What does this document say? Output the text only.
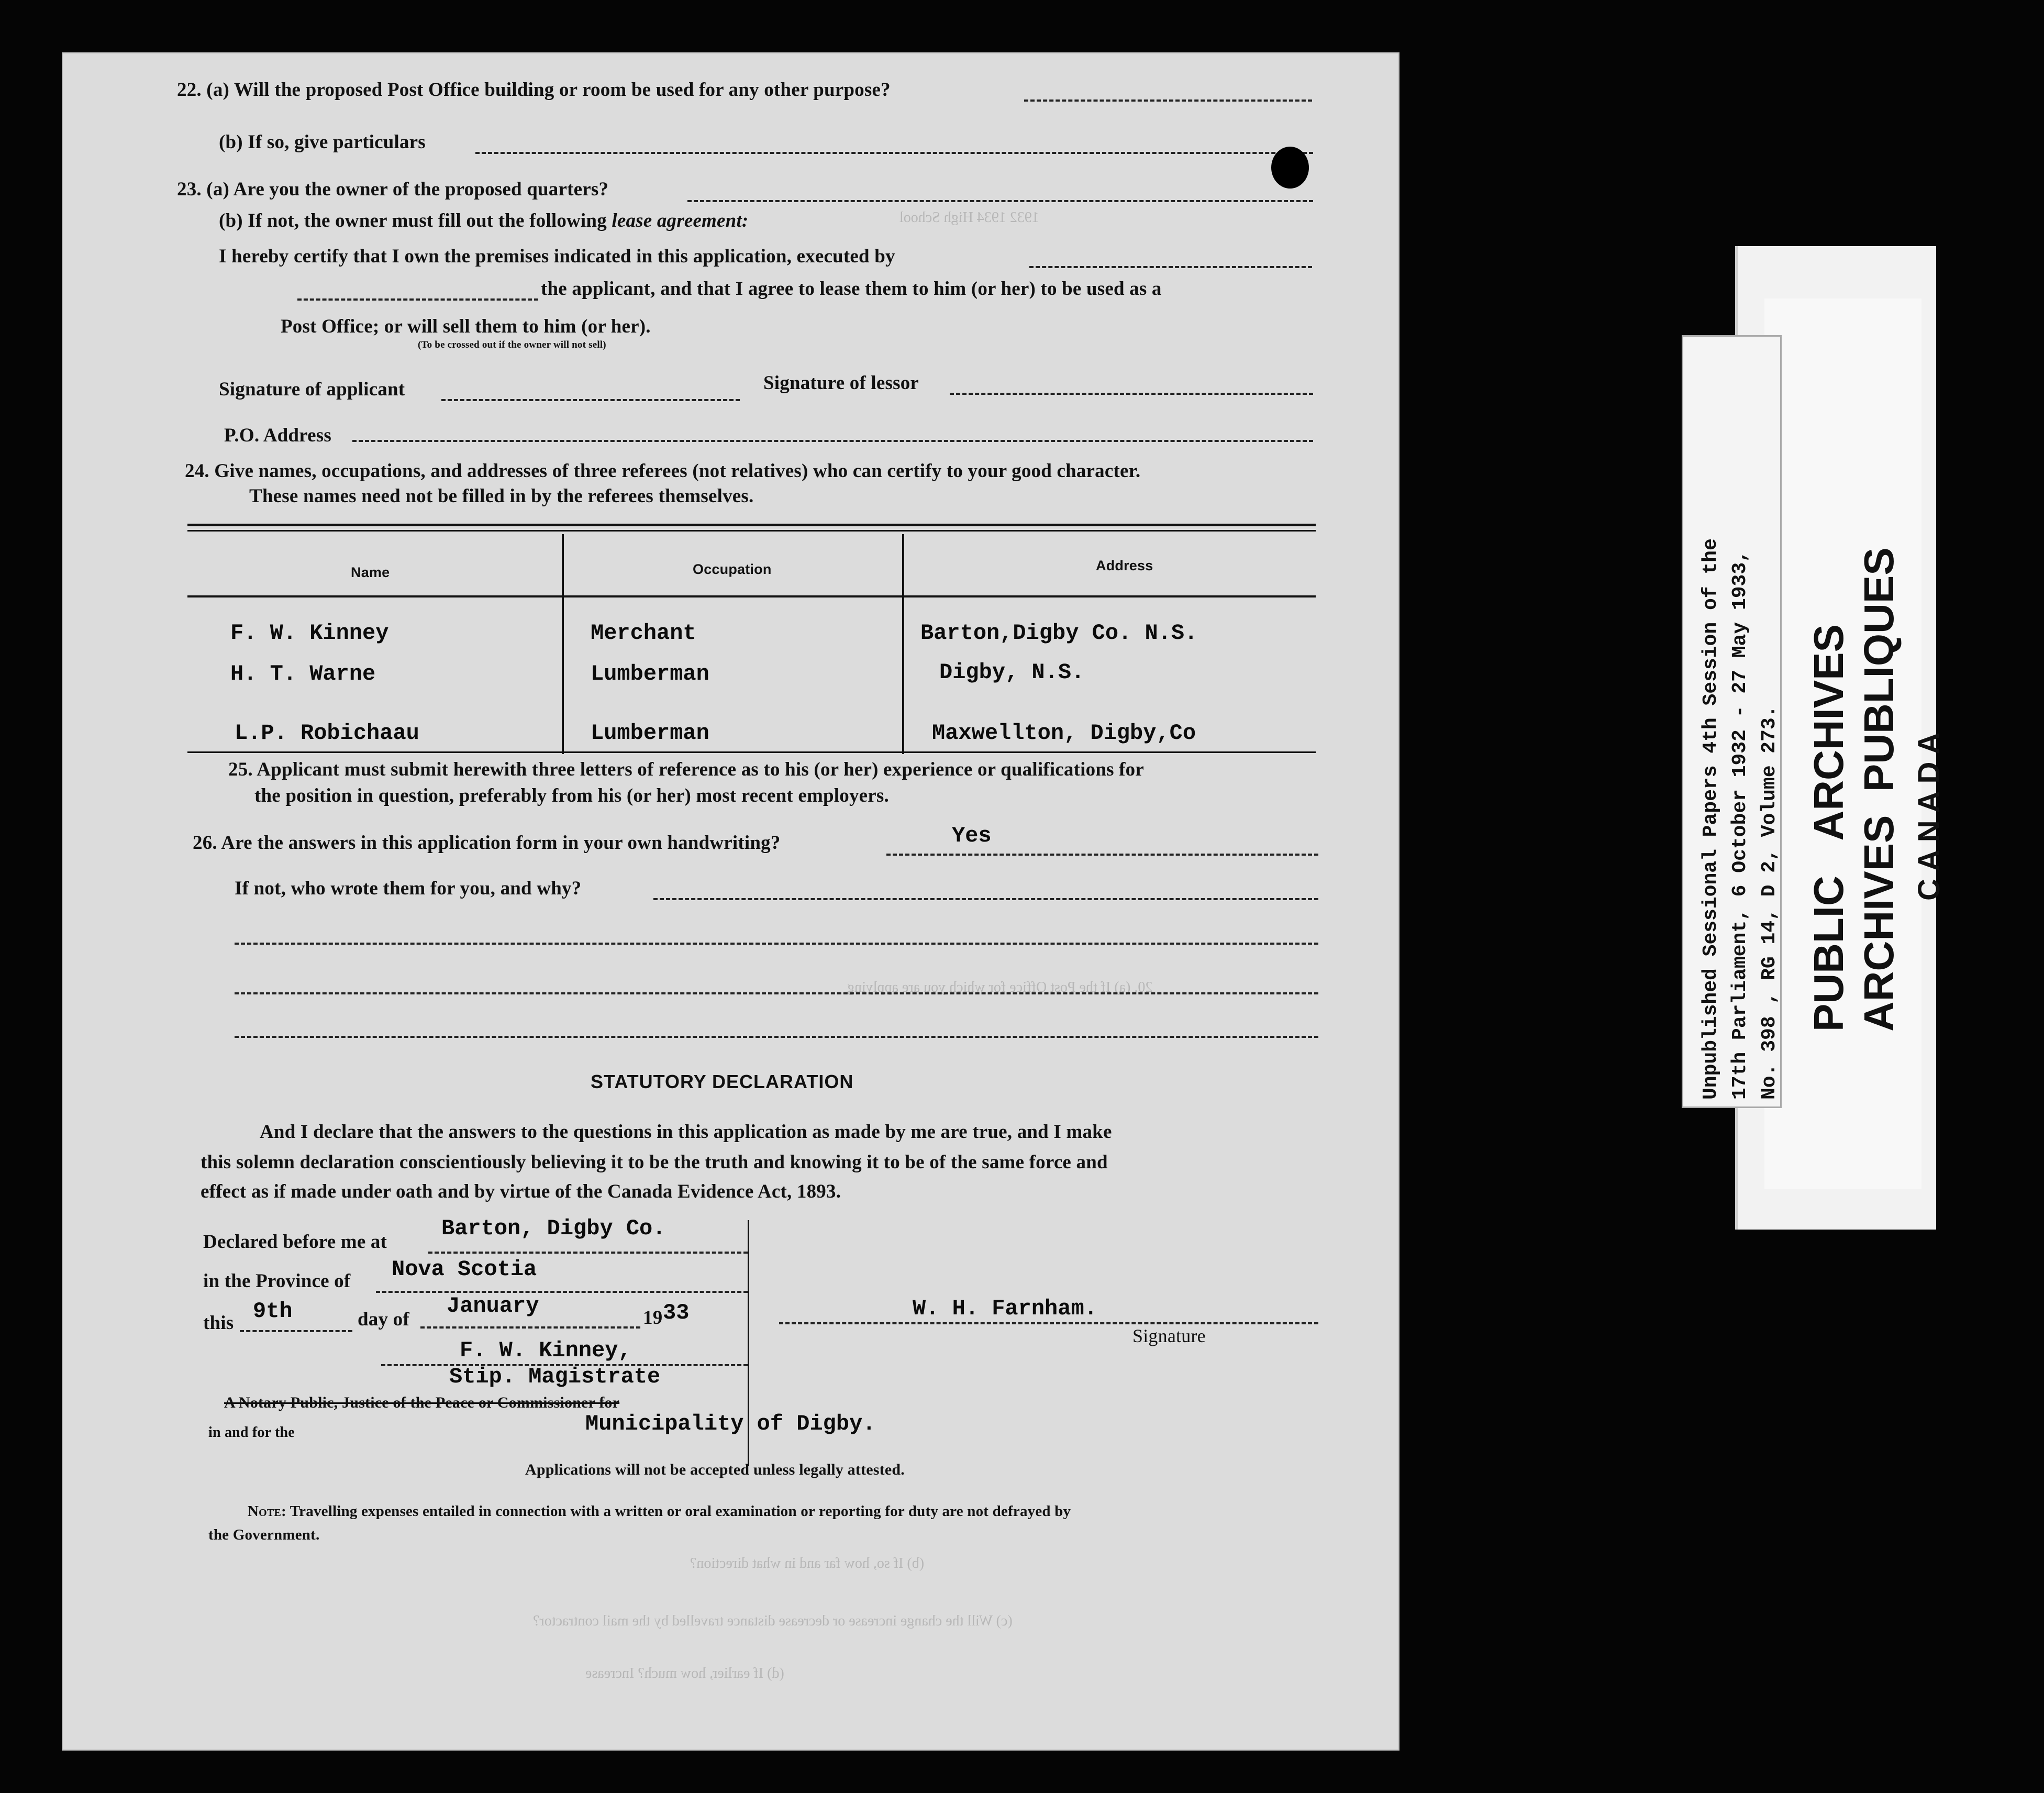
1932 1934 High School
20. (a) If the Post Office for which you are applying
22. (a) Will the proposed Post Office building or room be used for any other purpose?
(b) If so, give particulars
23. (a) Are you the owner of the proposed quarters?
(b) If not, the owner must fill out the following lease agreement:
I hereby certify that I own the premises indicated in this application, executed by
the applicant, and that I agree to lease them to him (or her) to be used as a
Post Office; or will sell them to him (or her).
(To be crossed out if the owner will not sell)
Signature of applicant	Signature of lessor
P.O. Address
24. Give names, occupations, and addresses of three referees (not relatives) who can certify to your good character.
These names need not be filled in by the referees themselves.
Name	Occupation	Address
F. W. Kinney	Merchant	Barton,Digby Co. N.S.
H. T. Warne	Lumberman	Digby, N.S.
L.P. Robichaau	Lumberman	Maxwellton, Digby,Co
25. Applicant must submit herewith three letters of reference as to his (or her) experience or qualifications for
the position in question, preferably from his (or her) most recent employers.
26. Are the answers in this application form in your own handwriting?	Yes
If not, who wrote them for you, and why?
STATUTORY DECLARATION
And I declare that the answers to the questions in this application as made by me are true, and I make
this solemn declaration conscientiously believing it to be the truth and knowing it to be of the same force and
effect as if made under oath and by virtue of the Canada Evidence Act, 1893.
Declared before me at
Barton, Digby Co.
in the Province of Nova Scotia
this 9th	day of
January	19 33	W. H. Farnham.
Signature
F. W. Kinney,
Stip. Magistrate
A Notary Public, Justice of the Peace or Commissioner for
in and for the	Municipality of Digby.
Applications will not be accepted unless legally attested.
Note: Travelling expenses entailed in connection with a written or oral examination or reporting for duty are not defrayed by
the Government.
(b) If so, how far and in what direction?
(c) Will the change increase or decrease distance travelled by the mail contractor?
(d) If earlier, how much? Increase
Unpublished Sessional Papers 4th Session of the 17th Parliament, 6 October 1932 - 27 May 1933, No. 398 , RG 14, D 2, Volume 273. PUBLIC   ARCHIVES
ARCHIVES  PUBLIQUES
CANADA
